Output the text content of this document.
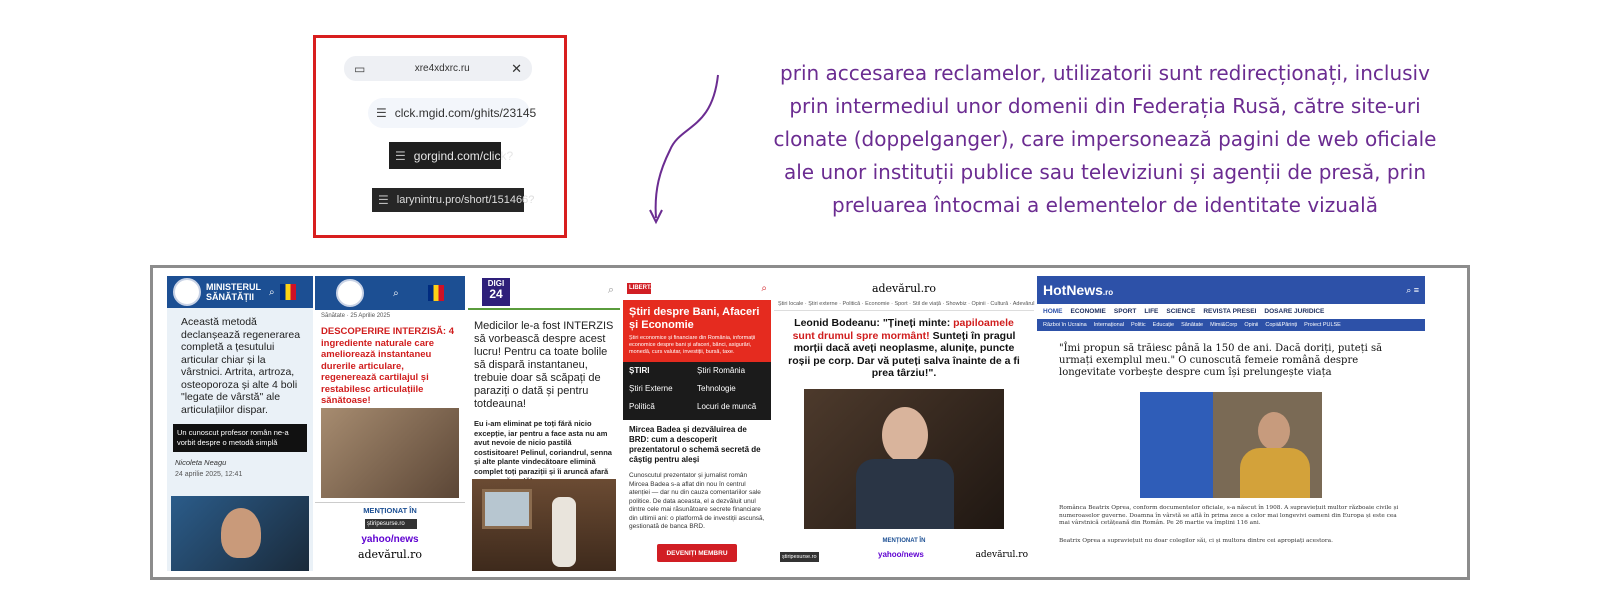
▭	xre4xdxrc.ru	✕
☰ clck.mgid.com/ghits/23145
☰ gorgind.com/click?
☰ larynintru.pro/short/151466?
prin accesarea reclamelor, utilizatorii sunt redirecționați, inclusiv prin intermediul unor domenii din Federația Rusă, către site-uri clonate (doppelganger), care impersonează pagini de web oficiale ale unor instituții publice sau televiziuni și agenții de presă, prin preluarea întocmai a elementelor de identitate vizuală
MINISTERUL SĂNĂTĂȚII	⌕
Această metodă declanșează regenerarea completă a țesutului articular chiar și la vârstnici. Artrita, artroza, osteoporoza și alte 4 boli "legate de vârstă" ale articulațiilor dispar.
Un cunoscut profesor român ne-a vorbit despre o metodă simplă
Nicoleta Neagu
24 aprilie 2025, 12:41
⌕
Sănătate · 25 Aprilie 2025
DESCOPERIRE INTERZISĂ: 4 ingrediente naturale care ameliorează instantaneu durerile articulare, regenerează cartilajul și restabilesc articulațiile sănătoase!
MENȚIONAT ÎN
știripesurse.ro
yahoo/news
adevărul.ro
DIGI
24	⌕
Medicilor le-a fost INTERZIS să vorbească despre acest lucru! Pentru ca toate bolile să dispară instantaneu, trebuie doar să scăpați de paraziți o dată și pentru totdeauna!
Eu i-am eliminat pe toți fără nicio excepție, iar pentru a face asta nu am avut nevoie de nicio pastilă costisitoare! Pelinul, coriandrul, senna și alte plante vindecătoare elimină complet toți paraziții și îi aruncă afară
LIBERTATEA	⌕
Știri despre Bani, Afaceri și Economie
Știri economice și financiare din România, informații economice despre bani și afaceri, bănci, asigurări, monedă, curs valutar, investiții, bursă, taxe.
ȘTIRI	Știri România
Știri Externe	Tehnologie
Politică	Locuri de muncă
Mircea Badea și dezvăluirea de BRD: cum a descoperit prezentatorul o schemă secretă de câștig pentru aleși
Cunoscutul prezentator și jurnalist român Mircea Badea s-a aflat din nou în centrul atenției — dar nu din cauza comentariilor sale politice. De data aceasta, el a dezvăluit unul dintre cele mai răsunătoare secrete financiare din ultimii ani: o platformă de investiții ascunsă, gestionată de banca BRD.
DEVENIȚI MEMBRU
adevărul.ro
Știri locale · Știri externe · Politică · Economie · Sport · Stil de viață · Showbiz · Opinii · Cultură · Adevărul
Leonid Bodeanu: "Țineți minte: papiloamele sunt drumul spre mormânt! Sunteți în pragul morții dacă aveți neoplasme, alunițe, puncte roșii pe corp. Dar vă puteți salva înainte de a fi prea târziu!".
MENȚIONAT ÎN
știripesurse.ro	yahoo/news	adevărul.ro
HotNews.ro	⌕ ≡
HOME ECONOMIE SPORT LIFE SCIENCE REVISTA PRESEI DOSARE JURIDICE
Război în Ucraina Internațional Politic Educație Sănătate Mimi&Corp Opinii Copii&Părinți Proiect PULSE
"Îmi propun să trăiesc până la 150 de ani. Dacă doriți, puteți să urmați exemplul meu." O cunoscută femeie română despre longevitate vorbește despre cum își prelungește viața
Românca Beatrix Oprea, conform documentelor oficiale, s-a născut în 1908. A supraviețuit multor războaie civile și numeroaselor guverne. Doamna în vârstă se află în prima zece a celor mai longevivi oameni din Europa și este cea mai vârstnică cetățeană din Român. Pe 26 martie va împlini 116 ani.
Beatrix Oprea a supraviețuit nu doar colegilor săi, ci și multora dintre cei apropiați acestora.
